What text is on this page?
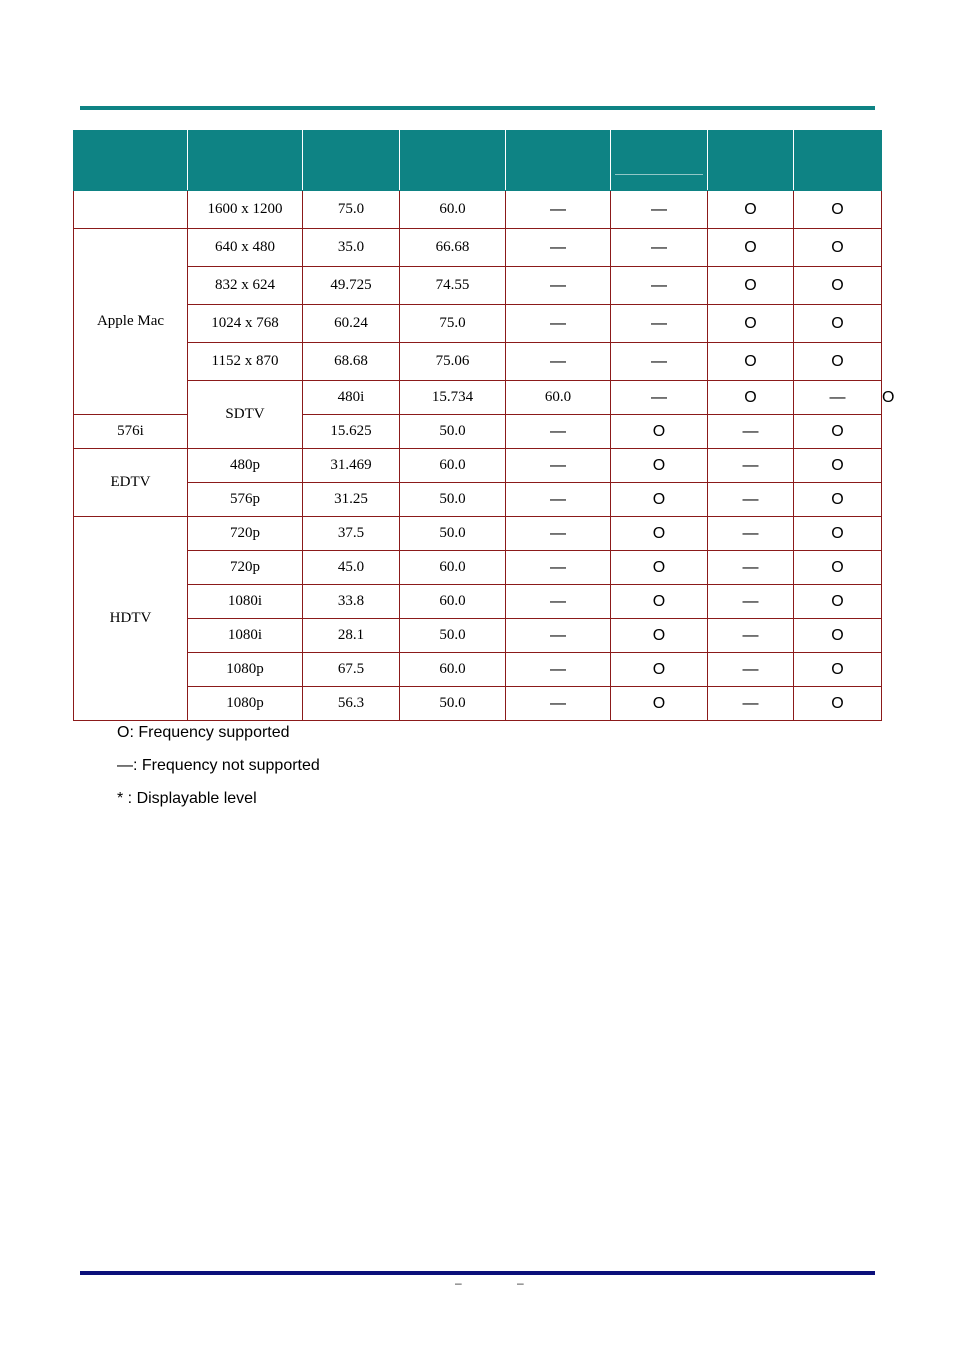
	1600 x 1200	75.0	60.0	—	—	O	O	
Apple Mac	640 x 480	35.0	66.68	—	—	O	O	
	832 x 624	49.725	74.55	—	—	O	O	
	1024 x 768	60.24	75.0	—	—	O	O	
	1152 x 870	68.68	75.06	—	—	O	O	
	SDTV	480i	15.734	60.0	—	O	—	O
576i		15.625	50.0	—	O	—	O	
EDTV	480p	31.469	60.0	—	O	—	O	
	576p	31.25	50.0	—	O	—	O	
HDTV	720p	37.5	50.0	—	O	—	O	
	720p	45.0	60.0	—	O	—	O	
	1080i	33.8	60.0	—	O	—	O	
	1080i	28.1	50.0	—	O	—	O	
	1080p	67.5	60.0	—	O	—	O	
	1080p	56.3	50.0	—	O	—	O	
O: Frequency supported
—: Frequency not supported
* : Displayable level
– –
